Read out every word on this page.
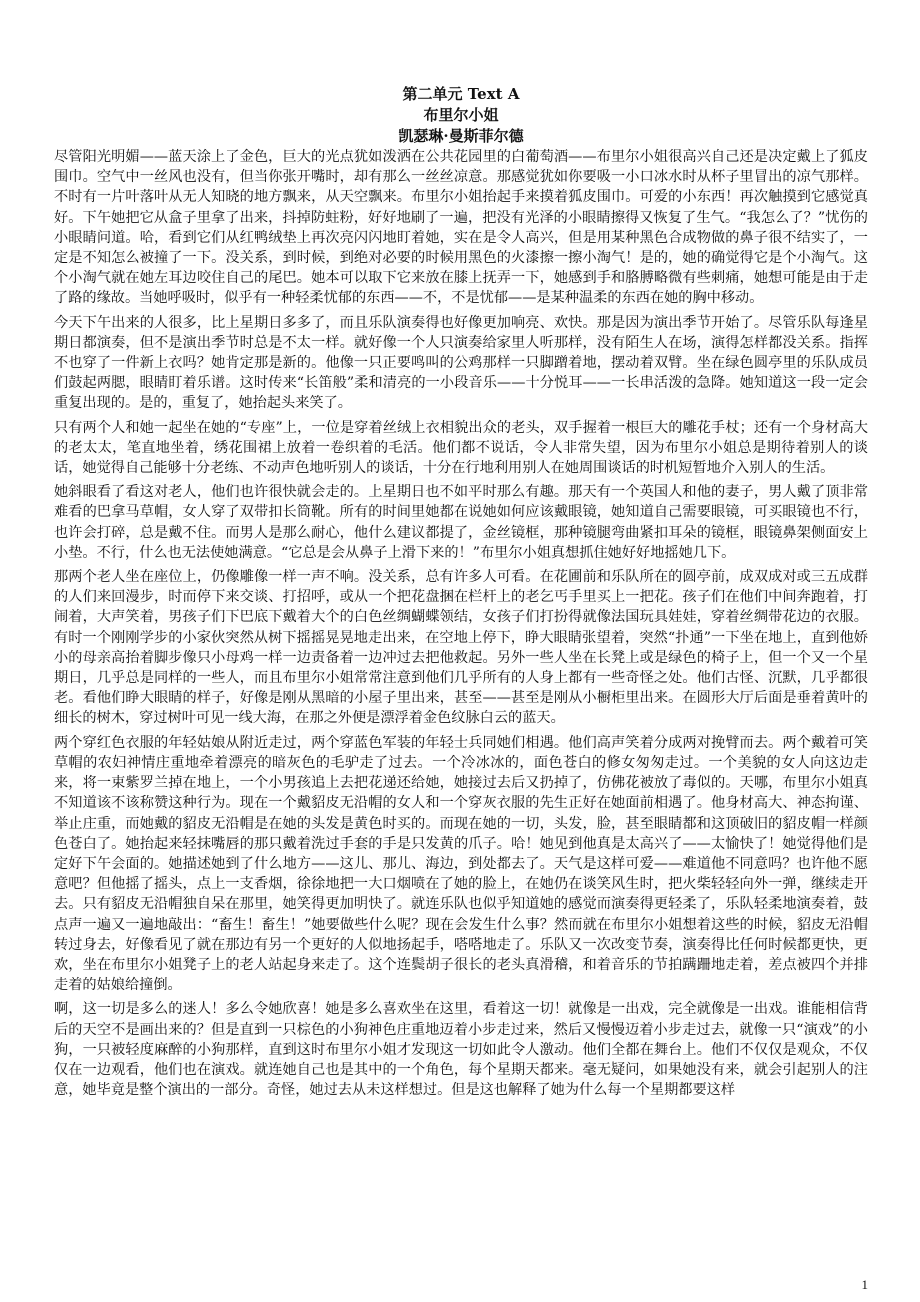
第二单元 Text A
布里尔小姐
凯瑟琳·曼斯菲尔德

尽管阳光明媚——蓝天涂上了金色，巨大的光点犹如泼洒在公共花园里的白葡萄酒——布里尔小姐很高兴自己还是决定戴上了狐皮围巾。空气中一丝风也没有，但当你张开嘴时，却有那么一丝丝凉意。那感觉犹如你要吸一小口冰水时从杯子里冒出的凉气那样。不时有一片叶落叶从无人知晓的地方飘来，从天空飘来。布里尔小姐抬起手来摸着狐皮围巾。可爱的小东西！再次触摸到它感觉真好。下午她把它从盒子里拿了出来，抖掉防蛀粉，好好地刷了一遍，把没有光泽的小眼睛擦得又恢复了生气。“我怎么了？”忧伤的小眼睛问道。哈，看到它们从红鸭绒垫上再次亮闪闪地盯着她，实在是令人高兴，但是用某种黑色合成物做的鼻子很不结实了，一定是不知怎么被撞了一下。没关系，到时候，到绝对必要的时候用黑色的火漆擦一擦小淘气！是的，她的确觉得它是个小淘气。这个小淘气就在她左耳边咬住自己的尾巴。她本可以取下它来放在膝上抚弄一下，她感到手和胳膊略微有些刺痛，她想可能是由于走了路的缘故。当她呼吸时，似乎有一种轻柔忧郁的东西——不，不是忧郁——是某种温柔的东西在她的胸中移动。

今天下午出来的人很多，比上星期日多多了，而且乐队演奏得也好像更加响亮、欢快。那是因为演出季节开始了。尽管乐队每逢星期日都演奏，但不是演出季节时总是不太一样。就好像一个人只演奏给家里人听那样，没有陌生人在场，演得怎样都没关系。指挥不也穿了一件新上衣吗？她肯定那是新的。他像一只正要鸣叫的公鸡那样一只脚蹭着地，摆动着双臂。坐在绿色圆亭里的乐队成员们鼓起两腮，眼睛盯着乐谱。这时传来“长笛般”柔和清亮的一小段音乐——十分悦耳——一长串活泼的急降。她知道这一段一定会重复出现的。是的，重复了，她抬起头来笑了。

只有两个人和她一起坐在她的“专座”上，一位是穿着丝绒上衣相貌出众的老头，双手握着一根巨大的雕花手杖；还有一个身材高大的老太太，笔直地坐着，绣花围裙上放着一卷织着的毛活。他们都不说话，令人非常失望，因为布里尔小姐总是期待着别人的谈话，她觉得自己能够十分老练、不动声色地听别人的谈话，十分在行地利用别人在她周围谈话的时机短暂地介入别人的生活。

她斜眼看了看这对老人，他们也许很快就会走的。上星期日也不如平时那么有趣。那天有一个英国人和他的妻子，男人戴了顶非常难看的巴拿马草帽，女人穿了双带扣长筒靴。所有的时间里她都在说她如何应该戴眼镜，她知道自己需要眼镜，可买眼镜也不行，也许会打碎，总是戴不住。而男人是那么耐心，他什么建议都提了，金丝镜框，那种镜腿弯曲紧扣耳朵的镜框，眼镜鼻架侧面安上小垫。不行，什么也无法使她满意。“它总是会从鼻子上滑下来的！”布里尔小姐真想抓住她好好地摇她几下。

那两个老人坐在座位上，仍像雕像一样一声不响。没关系，总有许多人可看。在花圃前和乐队所在的圆亭前，成双成对或三五成群的人们来回漫步，时而停下来交谈、打招呼，或从一个把花盘捆在栏杆上的老乞丐手里买上一把花。孩子们在他们中间奔跑着，打闹着，大声笑着，男孩子们下巴底下戴着大个的白色丝绸蝴蝶领结，女孩子们打扮得就像法国玩具娃娃，穿着丝绸带花边的衣服。有时一个刚刚学步的小家伙突然从树下摇摇晃晃地走出来，在空地上停下，睁大眼睛张望着，突然“扑通”一下坐在地上，直到他娇小的母亲高抬着脚步像只小母鸡一样一边责备着一边冲过去把他救起。另外一些人坐在长凳上或是绿色的椅子上，但一个又一个星期日，几乎总是同样的一些人，而且布里尔小姐常常注意到他们几乎所有的人身上都有一些奇怪之处。他们古怪、沉默，几乎都很老。看他们睁大眼睛的样子，好像是刚从黑暗的小屋子里出来，甚至——甚至是刚从小橱柜里出来。在圆形大厅后面是垂着黄叶的细长的树木，穿过树叶可见一线大海，在那之外便是漂浮着金色纹脉白云的蓝天。

两个穿红色衣服的年轻姑娘从附近走过，两个穿蓝色军装的年轻士兵同她们相遇。他们高声笑着分成两对挽臂而去。两个戴着可笑草帽的农妇神情庄重地牵着漂亮的暗灰色的毛驴走了过去。一个冷冰冰的，面色苍白的修女匆匆走过。一个美貌的女人向这边走来，将一束紫罗兰掉在地上，一个小男孩追上去把花递还给她，她接过去后又扔掉了，仿佛花被放了毒似的。天哪，布里尔小姐真不知道该不该称赞这种行为。现在一个戴貂皮无沿帽的女人和一个穿灰衣服的先生正好在她面前相遇了。他身材高大、神态拘谨、举止庄重，而她戴的貂皮无沿帽是在她的头发是黄色时买的。而现在她的一切，头发，脸，甚至眼睛都和这顶破旧的貂皮帽一样颜色苍白了。她抬起来轻抹嘴唇的那只戴着洗过手套的手是只发黄的爪子。哈！她见到他真是太高兴了——太愉快了！她觉得他们是定好下午会面的。她描述她到了什么地方——这儿、那儿、海边，到处都去了。天气是这样可爱——难道他不同意吗？也许他不愿意吧？但他摇了摇头，点上一支香烟，徐徐地把一大口烟喷在了她的脸上，在她仍在谈笑风生时，把火柴轻轻向外一弹，继续走开去。只有貂皮无沿帽独自呆在那里，她笑得更加明快了。就连乐队也似乎知道她的感觉而演奏得更轻柔了，乐队轻柔地演奏着，鼓点声一遍又一遍地敲出：“畜生！畜生！”她要做些什么呢？现在会发生什么事？然而就在布里尔小姐想着这些的时候，貂皮无沿帽转过身去，好像看见了就在那边有另一个更好的人似地扬起手，嗒嗒地走了。乐队又一次改变节奏，演奏得比任何时候都更快，更欢，坐在布里尔小姐凳子上的老人站起身来走了。这个连鬓胡子很长的老头真滑稽，和着音乐的节拍蹒跚地走着，差点被四个并排走着的姑娘给撞倒。

啊，这一切是多么的迷人！多么令她欣喜！她是多么喜欢坐在这里，看着这一切！就像是一出戏，完全就像是一出戏。谁能相信背后的天空不是画出来的？但是直到一只棕色的小狗神色庄重地迈着小步走过来，然后又慢慢迈着小步走过去，就像一只“演戏”的小狗，一只被轻度麻醉的小狗那样，直到这时布里尔小姐才发现这一切如此令人激动。他们全都在舞台上。他们不仅仅是观众，不仅仅在一边观看，他们也在演戏。就连她自己也是其中的一个角色，每个星期天都来。毫无疑问，如果她没有来，就会引起别人的注意，她毕竟是整个演出的一部分。奇怪，她过去从未这样想过。但是这也解释了她为什么每一个星期都要这样

1
